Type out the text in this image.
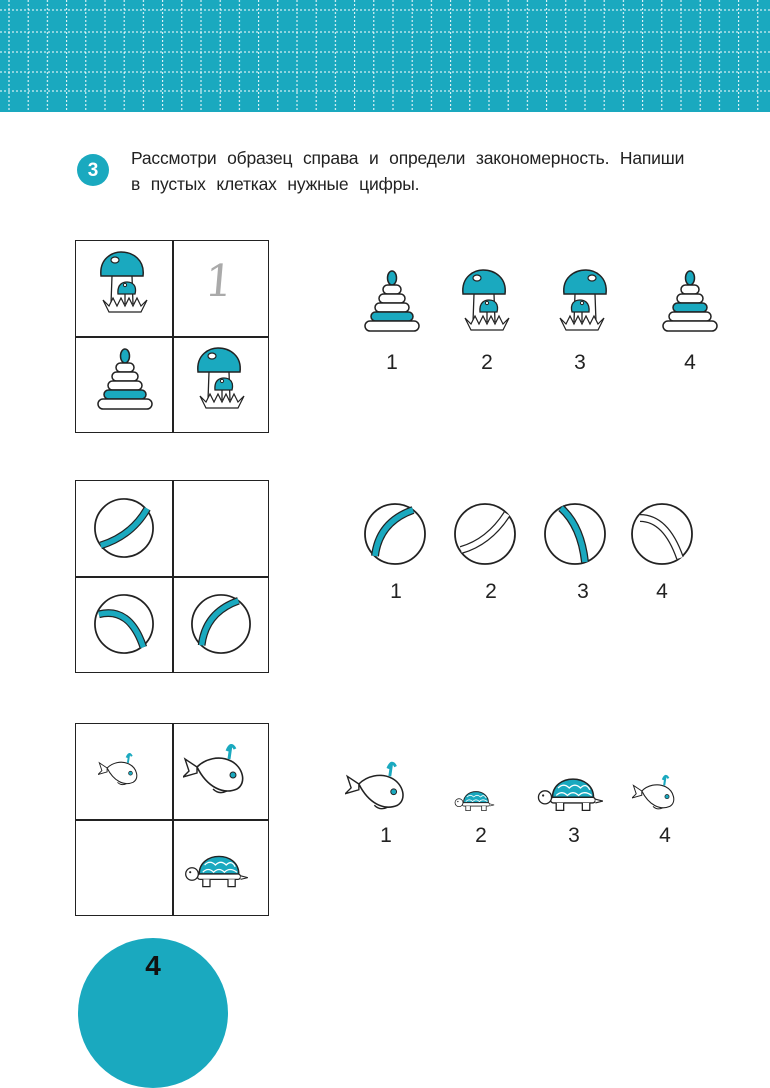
3
Рассмотри образец справа и определи закономерность. Напиши
в пустых клетках нужные цифры.
1
1	2	3	4
1	2	3	4
1	2	3	4
4
